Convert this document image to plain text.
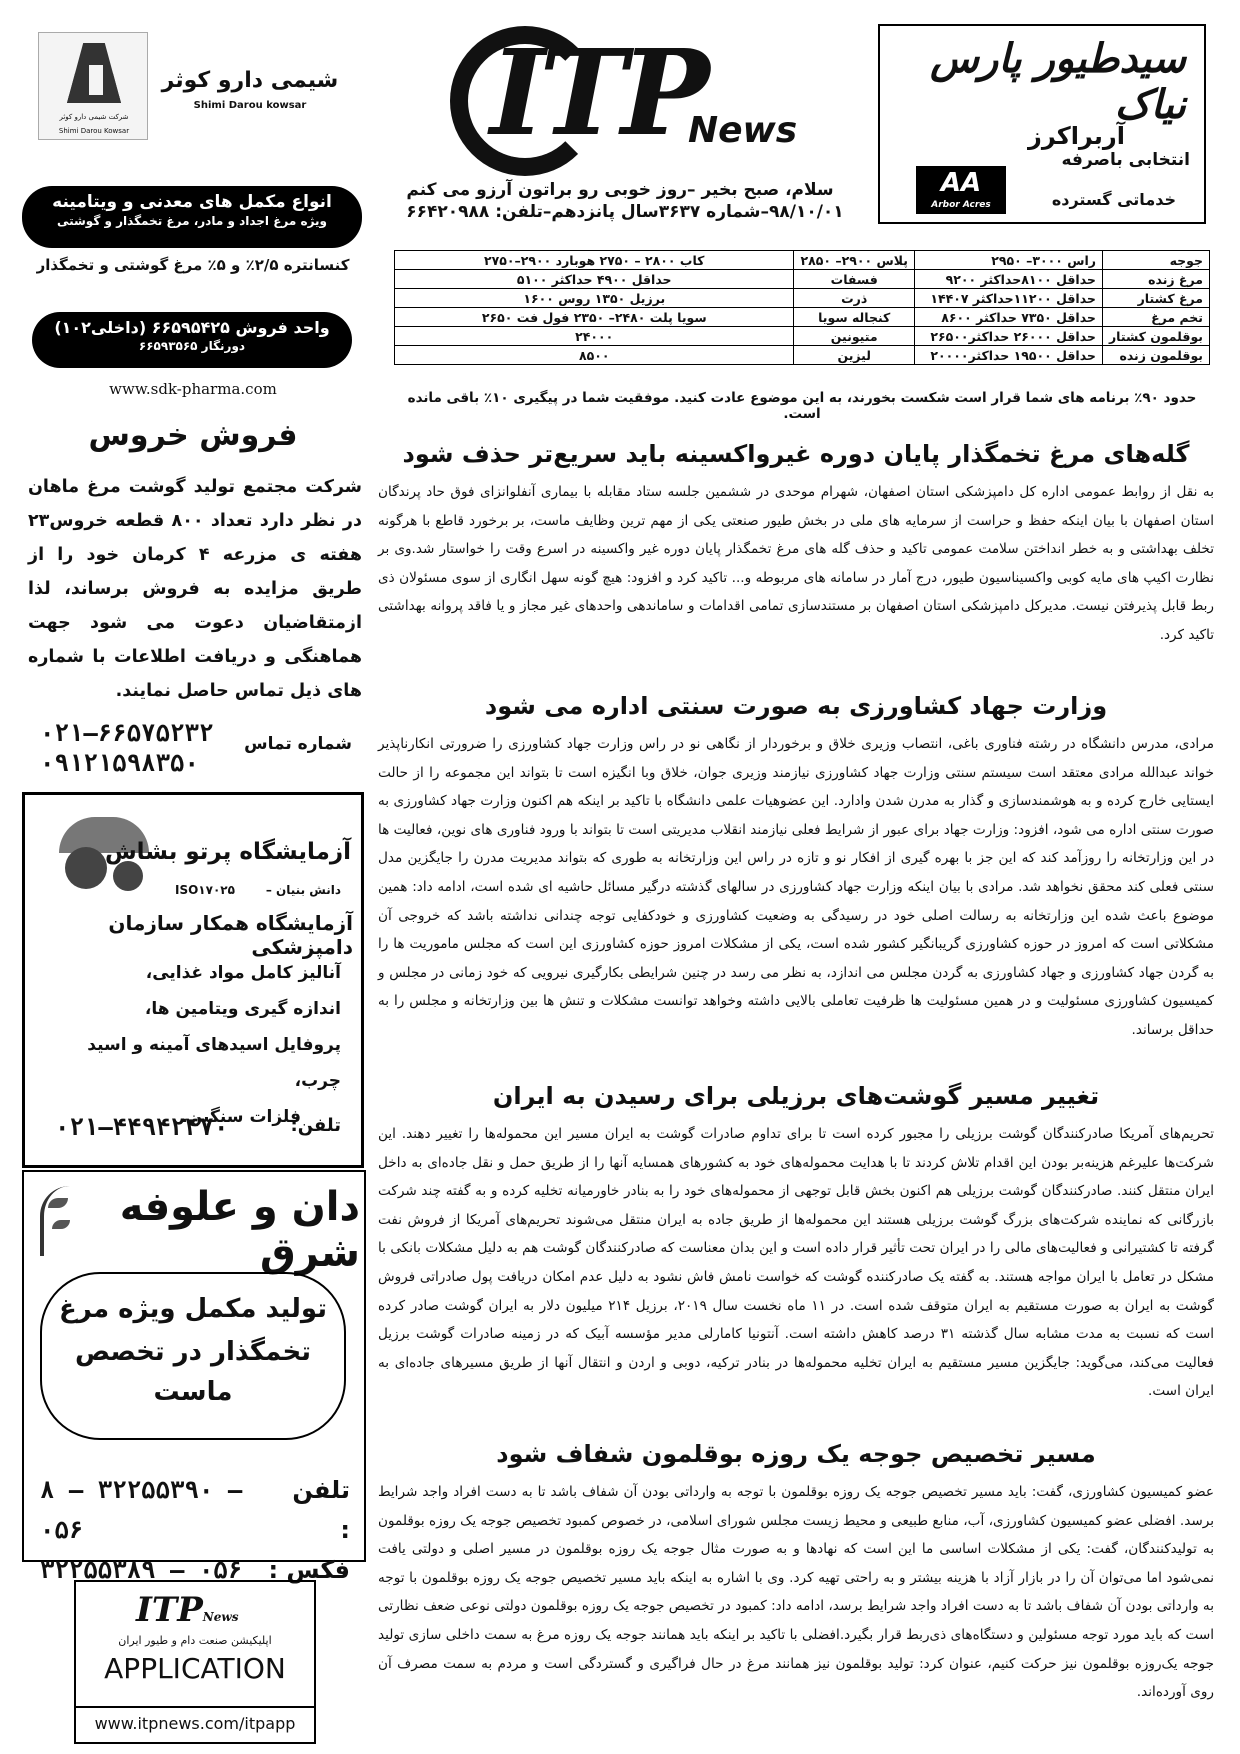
سیدطیور پارس نیاک
آربراکرز
انتخابی باصرفه
خدماتی گسترده
AA
Arbor Acres
ITP
News
سلام، صبح بخیر –روز خوبی رو براتون آرزو می کنم
۹۸/۱۰/۰۱–شماره ۳۶۳۷سال پانزدهم–تلفن: ۶۶۴۲۰۹۸۸
شرکت شیمی دارو کوثر
Shimi Darou Kowsar
شیمی دارو کوثر
Shimi Darou kowsar
انواع مکمل های معدنی و ویتامینه
ویژه مرغ اجداد و مادر، مرغ تخمگذار و گوشتی
کنسانتره ۲/۵٪ و ۵٪ مرغ گوشتی و تخمگذار
واحد فروش ۶۶۵۹۵۴۲۵ (داخلی۱۰۲)
دورنگار ۶۶۵۹۳۵۶۵
www.sdk-pharma.com
فروش خروس
شرکت مجتمع تولید گوشت مرغ ماهان در نظر دارد تعداد ۸۰۰ قطعه خروس۲۳ هفته ی مزرعه ۴ کرمان خود را از طریق مزایده به فروش برساند، لذا ازمتقاضیان دعوت می شود جهت هماهنگی و دریافت اطلاعات با شماره های ذیل تماس حاصل نمایند.
شماره تماس
۰۲۱–۶۶۵۷۵۲۳۲
۰۹۱۲۱۵۹۸۳۵۰
آزمایشگاه پرتو بشاش
دانش بنیان –
ISO۱۷۰۲۵
آزمایشگاه همکار سازمان دامپزشکی
آنالیز کامل مواد غذایی،
اندازه گیری ویتامین ها،
پروفایل اسیدهای آمینه و اسید چرب،
فلزات سنگین.
تلفن:
۰۲۱–۴۴۹۴۲۴۷۰
دان و علوفه شرق
تولید مکمل ویژه مرغ
تخمگذار در تخصص
ماست
تلفن :
۸ – ۳۲۲۵۵۳۹۰ – ۰۵۶
فکس :
۳۲۲۵۵۳۸۹ – ۰۵۶
ITPNews
اپلیکیشن صنعت دام و طیور ایران
APPLICATION
www.itpnews.com/itpapp
جوجه	راس ۳۰۰۰– ۲۹۵۰	پلاس ۲۹۰۰– ۲۸۵۰	کاب ۲۸۰۰ – ۲۷۵۰ هوبارد ۲۹۰۰–۲۷۵۰
مرغ زنده	حداقل ۸۱۰۰حداکثر ۹۲۰۰	فسفات	حداقل ۴۹۰۰ حداکثر ۵۱۰۰
مرغ کشتار	حداقل ۱۱۲۰۰حداکثر ۱۴۴۰۷	ذرت	برزیل ۱۳۵۰ روس ۱۶۰۰
تخم مرغ	حداقل ۷۳۵۰ حداکثر ۸۶۰۰	کنجاله سویا	سویا پلت ۲۴۸۰– ۲۳۵۰ فول فت ۲۶۵۰
بوقلمون کشتار	حداقل ۲۶۰۰۰ حداکثر۲۶۵۰۰	متیونین	۲۴۰۰۰
بوقلمون زنده	حداقل ۱۹۵۰۰ حداکثر۲۰۰۰۰	لیزین	۸۵۰۰
حدود ۹۰٪ برنامه های شما قرار است شکست بخورند، به این موضوع عادت کنید. موفقیت شما در پیگیری ۱۰٪ باقی مانده است.
گله‌های مرغ تخمگذار پایان دوره غیرواکسینه باید سریع‌تر حذف شود

به نقل از روابط عمومی اداره کل دامپزشکی استان اصفهان، شهرام موحدی در ششمین جلسه ستاد مقابله با بیماری آنفلوانزای فوق حاد پرندگان استان اصفهان با بیان اینکه حفظ و حراست از سرمایه های ملی در بخش طیور صنعتی یکی از مهم ترین وظایف ماست، بر برخورد قاطع با هرگونه تخلف بهداشتی و به خطر انداختن سلامت عمومی تاکید و حذف گله های مرغ تخمگذار پایان دوره غیر واکسینه در اسرع وقت را خواستار شد.وی بر نظارت اکیپ های مایه کوبی واکسیناسیون طیور، درج آمار در سامانه های مربوطه و... تاکید کرد و افزود: هیچ گونه سهل انگاری از سوی مسئولان ذی ربط قابل پذیرفتن نیست. مدیرکل دامپزشکی استان اصفهان بر مستندسازی تمامی اقدامات و ساماندهی واحدهای غیر مجاز و یا فاقد پروانه بهداشتی تاکید کرد.

وزارت جهاد کشاورزی به صورت سنتی اداره می شود

مرادی، مدرس دانشگاه در رشته فناوری باغی، انتصاب وزیری خلاق و برخوردار از نگاهی نو در راس وزارت جهاد کشاورزی را ضرورتی انکارناپذیر خواند عبدالله مرادی معتقد است سیستم سنتی وزارت جهاد کشاورزی نیازمند وزیری جوان، خلاق وبا انگیزه است تا بتواند این مجموعه را از حالت ایستایی خارج کرده و به هوشمندسازی و گذار به مدرن شدن وادارد. این عضوهیات علمی دانشگاه با تاکید بر اینکه هم اکنون وزارت جهاد کشاورزی به صورت سنتی اداره می شود، افزود: وزارت جهاد برای عبور از شرایط فعلی نیازمند انقلاب مدیریتی است تا بتواند با ورود فناوری های نوین، فعالیت ها در این وزارتخانه را روزآمد کند که این جز با بهره گیری از افکار نو و تازه در راس این وزارتخانه به طوری که بتواند مدیریت مدرن را جایگزین مدل سنتی فعلی کند محقق نخواهد شد. مرادی با بیان اینکه وزارت جهاد کشاورزی در سالهای گذشته درگیر مسائل حاشیه ای شده است، ادامه داد: همین موضوع باعث شده این وزارتخانه به رسالت اصلی خود در رسیدگی به وضعیت کشاورزی و خودکفایی توجه چندانی نداشته باشد که خروجی آن مشکلاتی است که امروز در حوزه کشاورزی گریبانگیر کشور شده است، یکی از مشکلات امروز حوزه کشاورزی این است که مجلس ماموریت ها را به گردن جهاد کشاورزی و جهاد کشاورزی به گردن مجلس می اندازد، به نظر می رسد در چنین شرایطی بکارگیری نیرویی که خود زمانی در مجلس و کمیسیون کشاورزی مسئولیت و در همین مسئولیت ها ظرفیت تعاملی بالایی داشته وخواهد توانست مشکلات و تنش ها بین وزارتخانه و مجلس را به حداقل برساند.

تغییر مسیر گوشت‌های برزیلی برای رسیدن به ایران

تحریم‌های آمریکا صادرکنندگان گوشت برزیلی را مجبور کرده است تا برای تداوم صادرات گوشت به ایران مسیر این محموله‌ها را تغییر دهند. این شرکت‌ها علیرغم هزینه‌بر بودن این اقدام تلاش کردند تا با هدایت محموله‌های خود به کشورهای همسایه آنها را از طریق حمل و نقل جاده‌ای به داخل ایران منتقل کنند. صادرکنندگان گوشت برزیلی هم اکنون بخش قابل توجهی از محموله‌های خود را به بنادر خاورمیانه تخلیه کرده و به گفته چند شرکت بازرگانی که نماینده شرکت‌های بزرگ گوشت برزیلی هستند این محموله‌ها از طریق جاده به ایران منتقل می‌شوند تحریم‌های آمریکا از فروش نفت گرفته تا کشتیرانی و فعالیت‌های مالی را در ایران تحت تأثیر قرار داده است و این بدان معناست که صادرکنندگان گوشت هم به دلیل مشکلات بانکی با مشکل در تعامل با ایران مواجه هستند. به گفته یک صادرکننده گوشت که خواست نامش فاش نشود به دلیل عدم امکان دریافت پول صادراتی فروش گوشت به ایران به صورت مستقیم به ایران متوقف شده است. در ۱۱ ماه نخست سال ۲۰۱۹، برزیل ۲۱۴ میلیون دلار به ایران گوشت صادر کرده است که نسبت به مدت مشابه سال گذشته ۳۱ درصد کاهش داشته است. آنتونیا کامارلی مدیر مؤسسه آبیک که در زمینه صادرات گوشت برزیل فعالیت می‌کند، می‌گوید: جایگزین مسیر مستقیم به ایران تخلیه محموله‌ها در بنادر ترکیه، دوبی و اردن و انتقال آنها از طریق مسیرهای جاده‌ای به ایران است.

مسیر تخصیص جوجه یک روزه بوقلمون شفاف شود

عضو کمیسیون کشاورزی، گفت: باید مسیر تخصیص جوجه یک روزه بوقلمون با توجه به وارداتی بودن آن شفاف باشد تا به دست افراد واجد شرایط برسد. افضلی عضو کمیسیون کشاورزی، آب، منابع طبیعی و محیط زیست مجلس شورای اسلامی، در خصوص کمبود تخصیص جوجه یک روزه بوقلمون به تولیدکنندگان، گفت: یکی از مشکلات اساسی ما این است که نهادها و به صورت مثال جوجه یک روزه بوقلمون در مسیر اصلی و دولتی یافت نمی‌شود اما می‌توان آن را در بازار آزاد با هزینه بیشتر و به راحتی تهیه کرد. وی با اشاره به اینکه باید مسیر تخصیص جوجه یک روزه بوقلمون با توجه به وارداتی بودن آن شفاف باشد تا به دست افراد واجد شرایط برسد، ادامه داد: کمبود در تخصیص جوجه یک روزه بوقلمون دولتی نوعی ضعف نظارتی است که باید مورد توجه مسئولین و دستگاه‌های ذی‌ربط قرار بگیرد.افضلی با تاکید بر اینکه باید همانند جوجه یک روزه مرغ به سمت داخلی سازی تولید جوجه یک‌روزه بوقلمون نیز حرکت کنیم، عنوان کرد: تولید بوقلمون نیز همانند مرغ در حال فراگیری و گستردگی است و مردم به سمت مصرف آن روی آورده‌اند.
